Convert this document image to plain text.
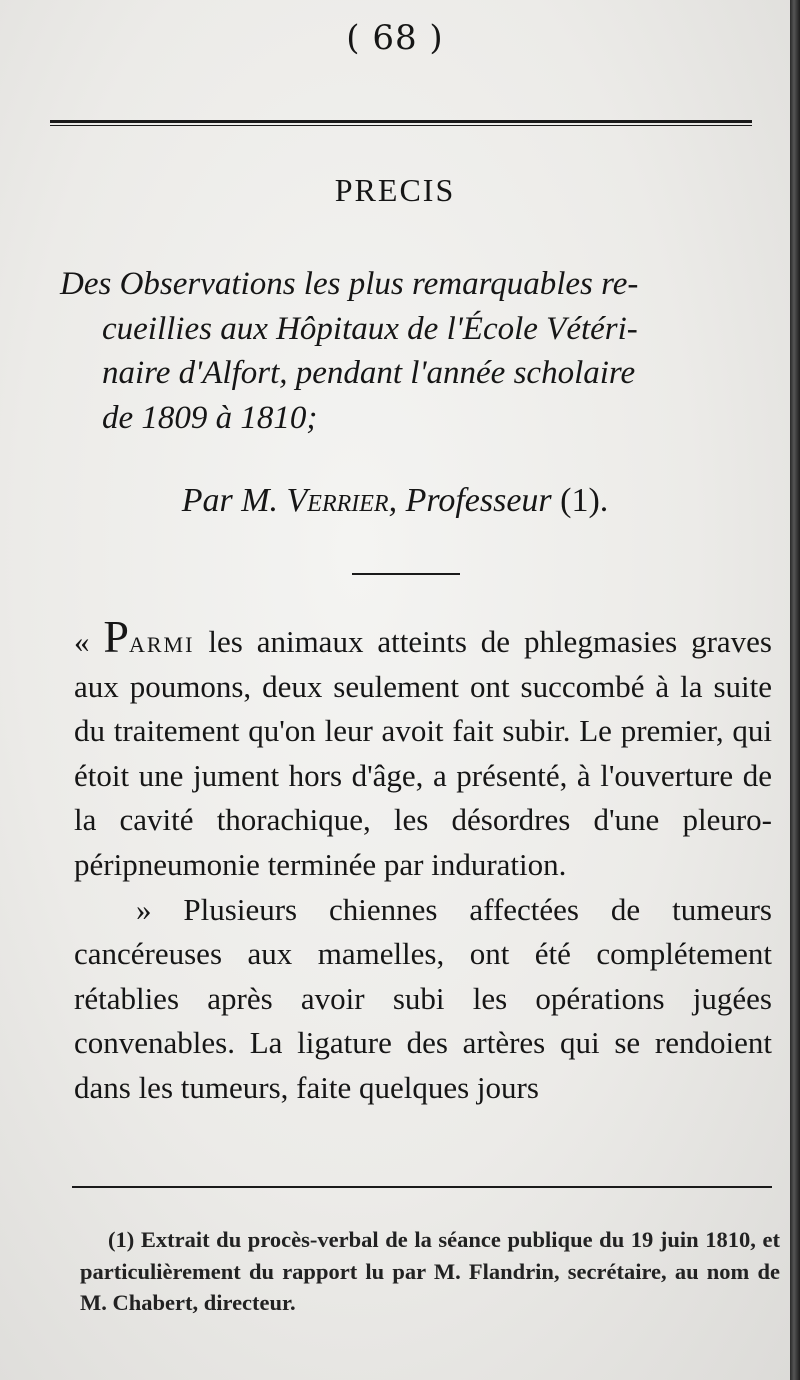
( 68 )
PRECIS
Des Observations les plus remarquables re-
cueillies aux Hôpitaux de l'École Vétéri-
naire d'Alfort, pendant l'année scholaire
de 1809 à 1810;
Par M. Verrier, Professeur (1).

« Parmi les animaux atteints de phlegmasies graves aux poumons, deux seulement ont succombé à la suite du traitement qu'on leur avoit fait subir. Le premier, qui étoit une jument hors d'âge, a présenté, à l'ouverture de la cavité thorachique, les désordres d'une pleuro-péripneumonie terminée par induration.

» Plusieurs chiennes affectées de tumeurs cancéreuses aux mamelles, ont été complétement rétablies après avoir subi les opérations jugées convenables. La ligature des artères qui se rendoient dans les tumeurs, faite quelques jours

(1) Extrait du procès-verbal de la séance publique du 19 juin 1810, et particulièrement du rapport lu par M. Flandrin, secrétaire, au nom de M. Chabert, directeur.
